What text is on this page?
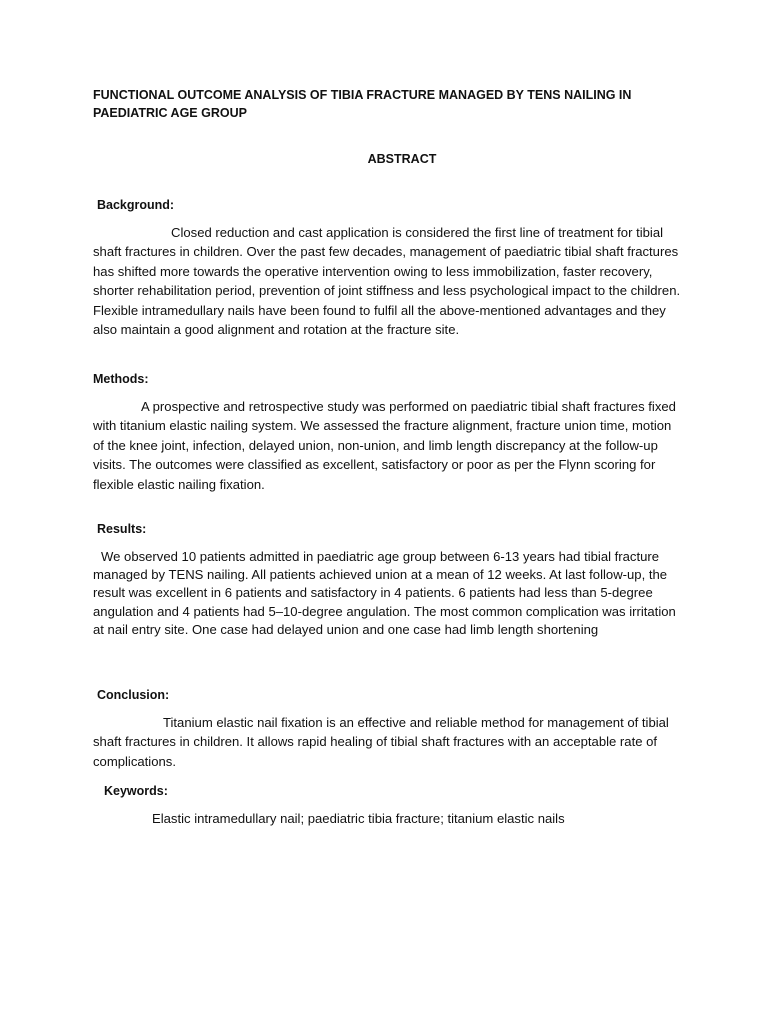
FUNCTIONAL OUTCOME ANALYSIS OF TIBIA FRACTURE MANAGED BY TENS NAILING IN PAEDIATRIC AGE GROUP

ABSTRACT

Background:

Closed reduction and cast application is considered the first line of treatment for tibial shaft fractures in children. Over the past few decades, management of paediatric tibial shaft fractures has shifted more towards the operative intervention owing to less immobilization, faster recovery, shorter rehabilitation period, prevention of joint stiffness and less psychological impact to the children. Flexible intramedullary nails have been found to fulfil all the above-mentioned advantages and they also maintain a good alignment and rotation at the fracture site.

Methods:

A prospective and retrospective study was performed on paediatric tibial shaft fractures fixed with titanium elastic nailing system. We assessed the fracture alignment, fracture union time, motion of the knee joint, infection, delayed union, non-union, and limb length discrepancy at the follow-up visits. The outcomes were classified as excellent, satisfactory or poor as per the Flynn scoring for flexible elastic nailing fixation.

Results:

We observed 10 patients admitted in paediatric age group between 6-13 years had tibial fracture managed by TENS nailing. All patients achieved union at a mean of 12 weeks. At last follow-up, the result was excellent in 6 patients and satisfactory in 4 patients. 6 patients had less than 5-degree angulation and 4 patients had 5–10-degree angulation. The most common complication was irritation at nail entry site. One case had delayed union and one case had limb length shortening

Conclusion:

Titanium elastic nail fixation is an effective and reliable method for management of tibial shaft fractures in children. It allows rapid healing of tibial shaft fractures with an acceptable rate of complications.

Keywords:

Elastic intramedullary nail; paediatric tibia fracture; titanium elastic nails
